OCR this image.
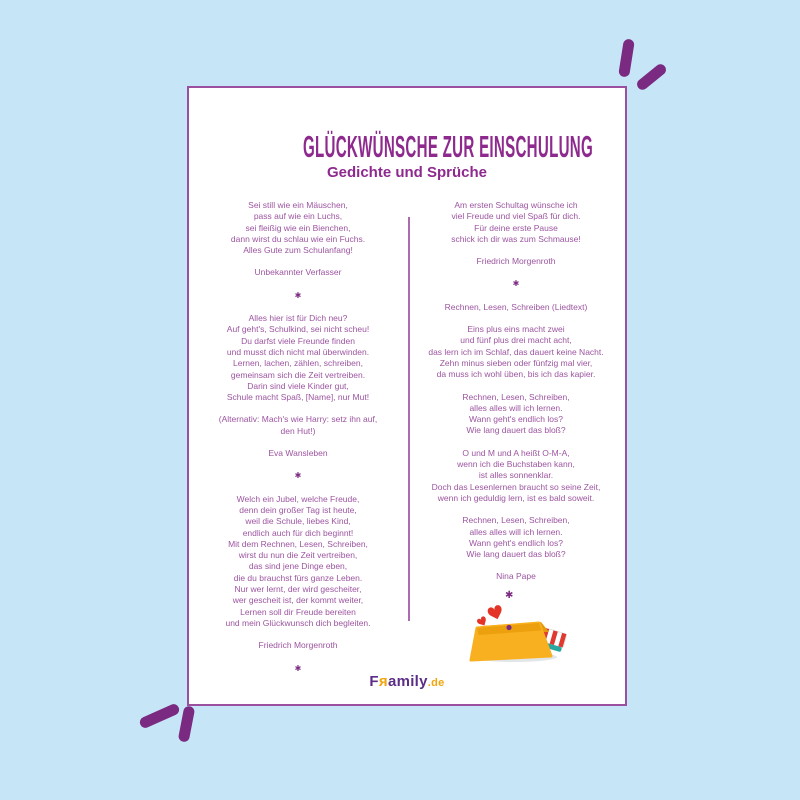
GLÜCKWÜNSCHE ZUR EINSCHULUNG
Gedichte und Sprüche
Sei still wie ein Mäuschen,
pass auf wie ein Luchs,
sei fleißig wie ein Bienchen,
dann wirst du schlau wie ein Fuchs.
Alles Gute zum Schulanfang!
Unbekannter Verfasser
✱
Alles hier ist für Dich neu?
Auf geht's, Schulkind, sei nicht scheu!
Du darfst viele Freunde finden
und musst dich nicht mal überwinden.
Lernen, lachen, zählen, schreiben,
gemeinsam sich die Zeit vertreiben.
Darin sind viele Kinder gut,
Schule macht Spaß, [Name], nur Mut!
(Alternativ: Mach's wie Harry: setz ihn auf,
den Hut!)
Eva Wansleben
✱
Welch ein Jubel, welche Freude,
denn dein großer Tag ist heute,
weil die Schule, liebes Kind,
endlich auch für dich beginnt!
Mit dem Rechnen, Lesen, Schreiben,
wirst du nun die Zeit vertreiben,
das sind jene Dinge eben,
die du brauchst fürs ganze Leben.
Nur wer lernt, der wird gescheiter,
wer gescheit ist, der kommt weiter,
Lernen soll dir Freude bereiten
und mein Glückwunsch dich begleiten.
Friedrich Morgenroth
✱
Am ersten Schultag wünsche ich
viel Freude und viel Spaß für dich.
Für deine erste Pause
schick ich dir was zum Schmause!
Friedrich Morgenroth
✱
Rechnen, Lesen, Schreiben (Liedtext)
Eins plus eins macht zwei
und fünf plus drei macht acht,
das lern ich im Schlaf, das dauert keine Nacht.
Zehn minus sieben oder fünfzig mal vier,
da muss ich wohl üben, bis ich das kapier.
Rechnen, Lesen, Schreiben,
alles alles will ich lernen.
Wann geht's endlich los?
Wie lang dauert das bloß?
O und M und A heißt O-M-A,
wenn ich die Buchstaben kann,
ist alles sonnenklar.
Doch das Lesenlernen braucht so seine Zeit,
wenn ich geduldig lern, ist es bald soweit.
Rechnen, Lesen, Schreiben,
alles alles will ich lernen.
Wann geht's endlich los?
Wie lang dauert das bloß?
Nina Pape
✱
Fяamily.de
